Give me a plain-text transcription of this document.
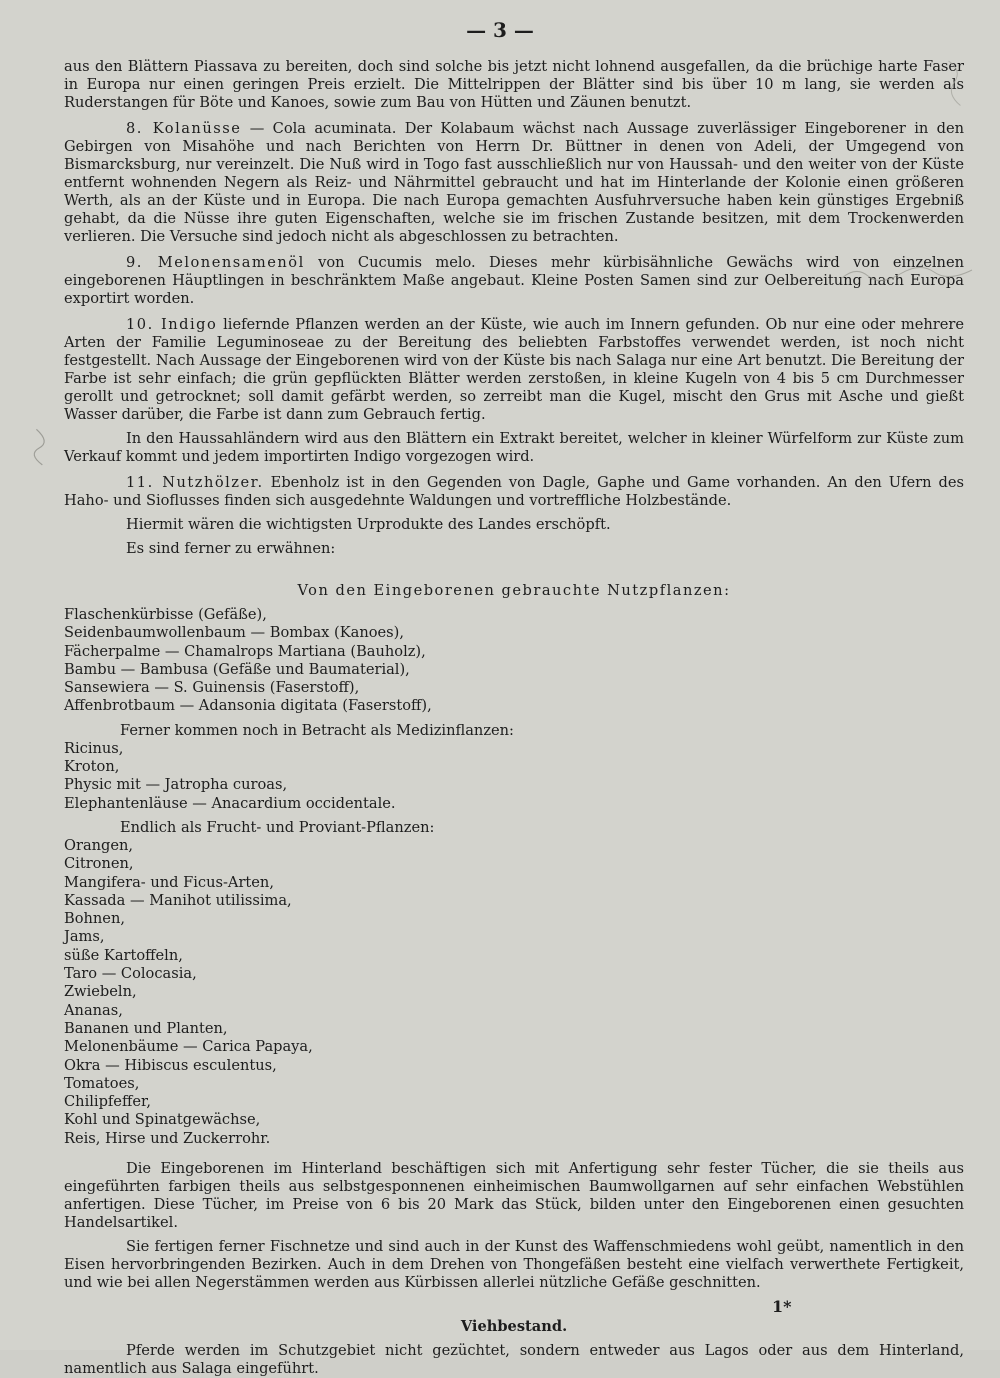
— 3 —

aus den Blättern Piassava zu bereiten, doch sind solche bis jetzt nicht lohnend ausgefallen, da die brüchige harte Faser in Europa nur einen geringen Preis erzielt. Die Mittelrippen der Blätter sind bis über 10 m lang, sie werden als Ruderstangen für Böte und Kanoes, sowie zum Bau von Hütten und Zäunen benutzt.

8. Kolanüsse — Cola acuminata. Der Kolabaum wächst nach Aussage zuverlässiger Eingeborener in den Gebirgen von Misahöhe und nach Berichten von Herrn Dr. Büttner in denen von Adeli, der Umgegend von Bismarcksburg, nur vereinzelt. Die Nuß wird in Togo fast ausschließlich nur von Haussah- und den weiter von der Küste entfernt wohnenden Negern als Reiz- und Nährmittel gebraucht und hat im Hinterlande der Kolonie einen größeren Werth, als an der Küste und in Europa. Die nach Europa gemachten Ausfuhrversuche haben kein günstiges Ergebniß gehabt, da die Nüsse ihre guten Eigenschaften, welche sie im frischen Zustande besitzen, mit dem Trockenwerden verlieren. Die Versuche sind jedoch nicht als abgeschlossen zu betrachten.

9. Melonensamenöl von Cucumis melo. Dieses mehr kürbisähnliche Gewächs wird von einzelnen eingeborenen Häuptlingen in beschränktem Maße angebaut. Kleine Posten Samen sind zur Oelbereitung nach Europa exportirt worden.

10. Indigo liefernde Pflanzen werden an der Küste, wie auch im Innern gefunden. Ob nur eine oder mehrere Arten der Familie Leguminoseae zu der Bereitung des beliebten Farbstoffes verwendet werden, ist noch nicht festgestellt. Nach Aussage der Eingeborenen wird von der Küste bis nach Salaga nur eine Art benutzt. Die Bereitung der Farbe ist sehr einfach; die grün gepflückten Blätter werden zerstoßen, in kleine Kugeln von 4 bis 5 cm Durchmesser gerollt und getrocknet; soll damit gefärbt werden, so zerreibt man die Kugel, mischt den Grus mit Asche und gießt Wasser darüber, die Farbe ist dann zum Gebrauch fertig.

In den Haussahländern wird aus den Blättern ein Extrakt bereitet, welcher in kleiner Würfelform zur Küste zum Verkauf kommt und jedem importirten Indigo vorgezogen wird.

11. Nutzhölzer. Ebenholz ist in den Gegenden von Dagle, Gaphe und Game vorhanden. An den Ufern des Haho- und Sioflusses finden sich ausgedehnte Waldungen und vortreffliche Holzbestände.

Hiermit wären die wichtigsten Urprodukte des Landes erschöpft.

Es sind ferner zu erwähnen:

Von den Eingeborenen gebrauchte Nutzpflanzen:

Flaschenkürbisse (Gefäße),
Seidenbaumwollenbaum — Bombax (Kanoes),
Fächerpalme — Chamalrops Martiana (Bauholz),
Bambu — Bambusa (Gefäße und Baumaterial),
Sansewiera — S. Guinensis (Faserstoff),
Affenbrotbaum — Adansonia digitata (Faserstoff),

Ferner kommen noch in Betracht als Medizinflanzen:

Ricinus,
Kroton,
Physic mit — Jatropha curoas,
Elephantenläuse — Anacardium occidentale.

Endlich als Frucht- und Proviant-Pflanzen:

Orangen,
Citronen,
Mangifera- und Ficus-Arten,
Kassada — Manihot utilissima,
Bohnen,
Jams,
süße Kartoffeln,
Taro — Colocasia,
Zwiebeln,
Ananas,
Bananen und Planten,
Melonenbäume — Carica Papaya,
Okra — Hibiscus esculentus,
Tomatoes,
Chilipfeffer,
Kohl und Spinatgewächse,
Reis, Hirse und Zuckerrohr.

Die Eingeborenen im Hinterland beschäftigen sich mit Anfertigung sehr fester Tücher, die sie theils aus eingeführten farbigen theils aus selbstgesponnenen einheimischen Baumwollgarnen auf sehr einfachen Webstühlen anfertigen. Diese Tücher, im Preise von 6 bis 20 Mark das Stück, bilden unter den Eingeborenen einen gesuchten Handelsartikel.

Sie fertigen ferner Fischnetze und sind auch in der Kunst des Waffenschmiedens wohl geübt, namentlich in den Eisen hervorbringenden Bezirken. Auch in dem Drehen von Thongefäßen besteht eine vielfach verwerthete Fertigkeit, und wie bei allen Negerstämmen werden aus Kürbissen allerlei nützliche Gefäße geschnitten.

Viehbestand.

Pferde werden im Schutzgebiet nicht gezüchtet, sondern entweder aus Lagos oder aus dem Hinterland, namentlich aus Salaga eingeführt.

1*
